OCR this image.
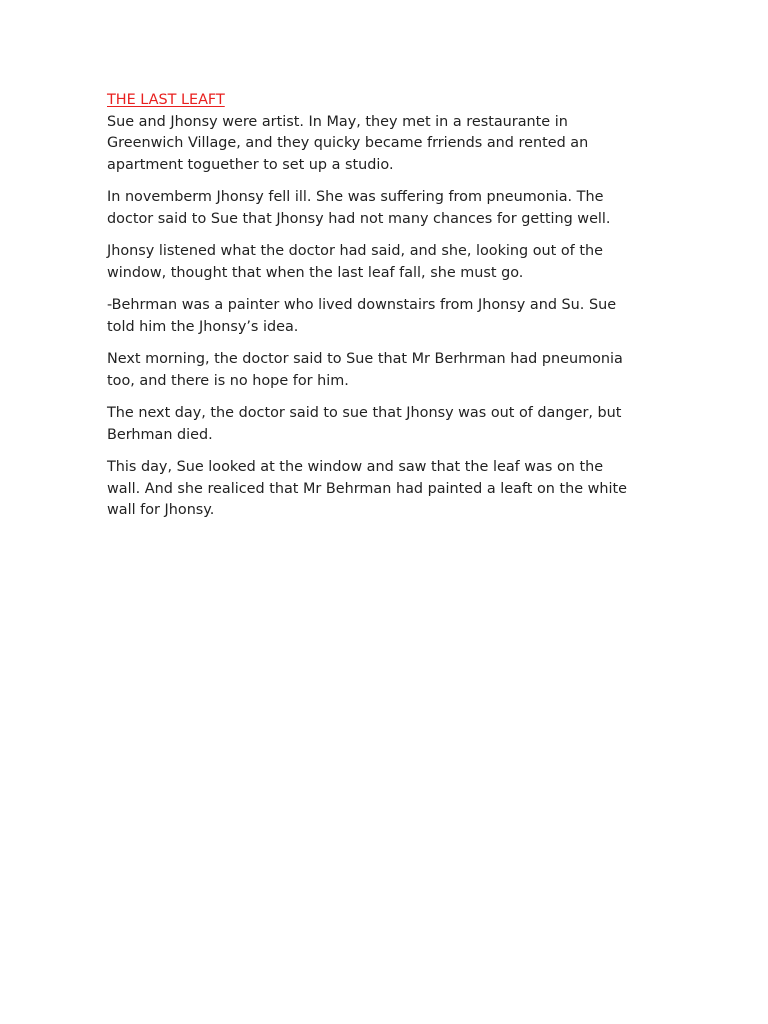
THE LAST LEAFT

Sue and Jhonsy were artist. In May, they met in a restaurante in
Greenwich Village, and they quicky became frriends and rented an
apartment toguether to set up a studio.

In novemberm Jhonsy fell ill. She was suffering from pneumonia. The
doctor said to Sue that Jhonsy had not many chances for getting well.

Jhonsy listened what the doctor had said, and she, looking out of the
window, thought that when the last leaf fall, she must go.

-Behrman was a painter who lived downstairs from Jhonsy and Su. Sue
told him the Jhonsy’s idea.

Next morning, the doctor said to Sue that Mr Berhrman had pneumonia
too, and there is no hope for him.

The next day, the doctor said to sue that Jhonsy was out of danger, but
Berhman died.

This day, Sue looked at the window and saw that the leaf was on the
wall. And she realiced that Mr Behrman had painted a leaft on the white
wall for Jhonsy.
